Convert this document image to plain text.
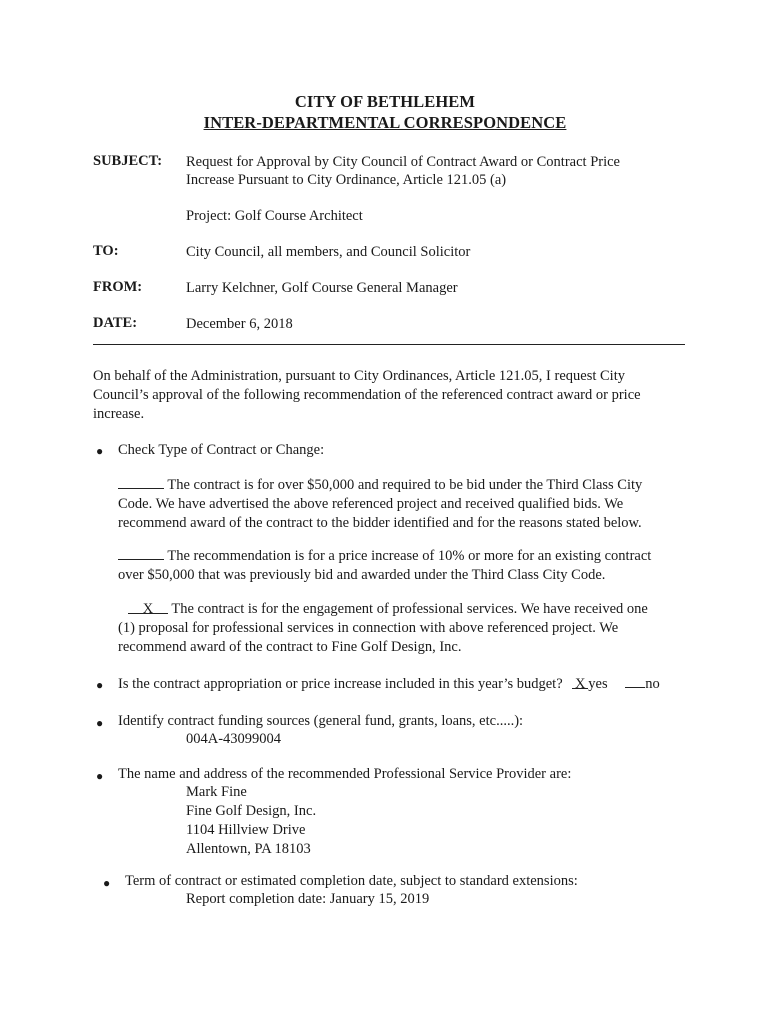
CITY OF BETHLEHEM
INTER-DEPARTMENTAL CORRESPONDENCE
SUBJECT: Request for Approval by City Council of Contract Award or Contract Price
Increase Pursuant to City Ordinance, Article 121.05 (a)
Project: Golf Course Architect
TO:	City Council, all members, and Council Solicitor
FROM:	Larry Kelchner, Golf Course General Manager
DATE:	December 6, 2018
On behalf of the Administration, pursuant to City Ordinances, Article 121.05, I request City
Council’s approval of the following recommendation of the referenced contract award or price
increase.
● Check Type of Contract or Change:
The contract is for over $50,000 and required to be bid under the Third Class City
Code. We have advertised the above referenced project and received qualified bids. We
recommend award of the contract to the bidder identified and for the reasons stated below.
The recommendation is for a price increase of 10% or more for an existing contract
over $50,000 that was previously bid and awarded under the Third Class City Code.
X The contract is for the engagement of professional services. We have received one
(1) proposal for professional services in connection with above referenced project. We
recommend award of the contract to Fine Golf Design, Inc.
● Is the contract appropriation or price increase included in this year’s budget? X yes	no
● Identify contract funding sources (general fund, grants, loans, etc.....):
004A-43099004
● The name and address of the recommended Professional Service Provider are:
Mark Fine
Fine Golf Design, Inc.
1104 Hillview Drive
Allentown, PA 18103
● Term of contract or estimated completion date, subject to standard extensions:
Report completion date: January 15, 2019
